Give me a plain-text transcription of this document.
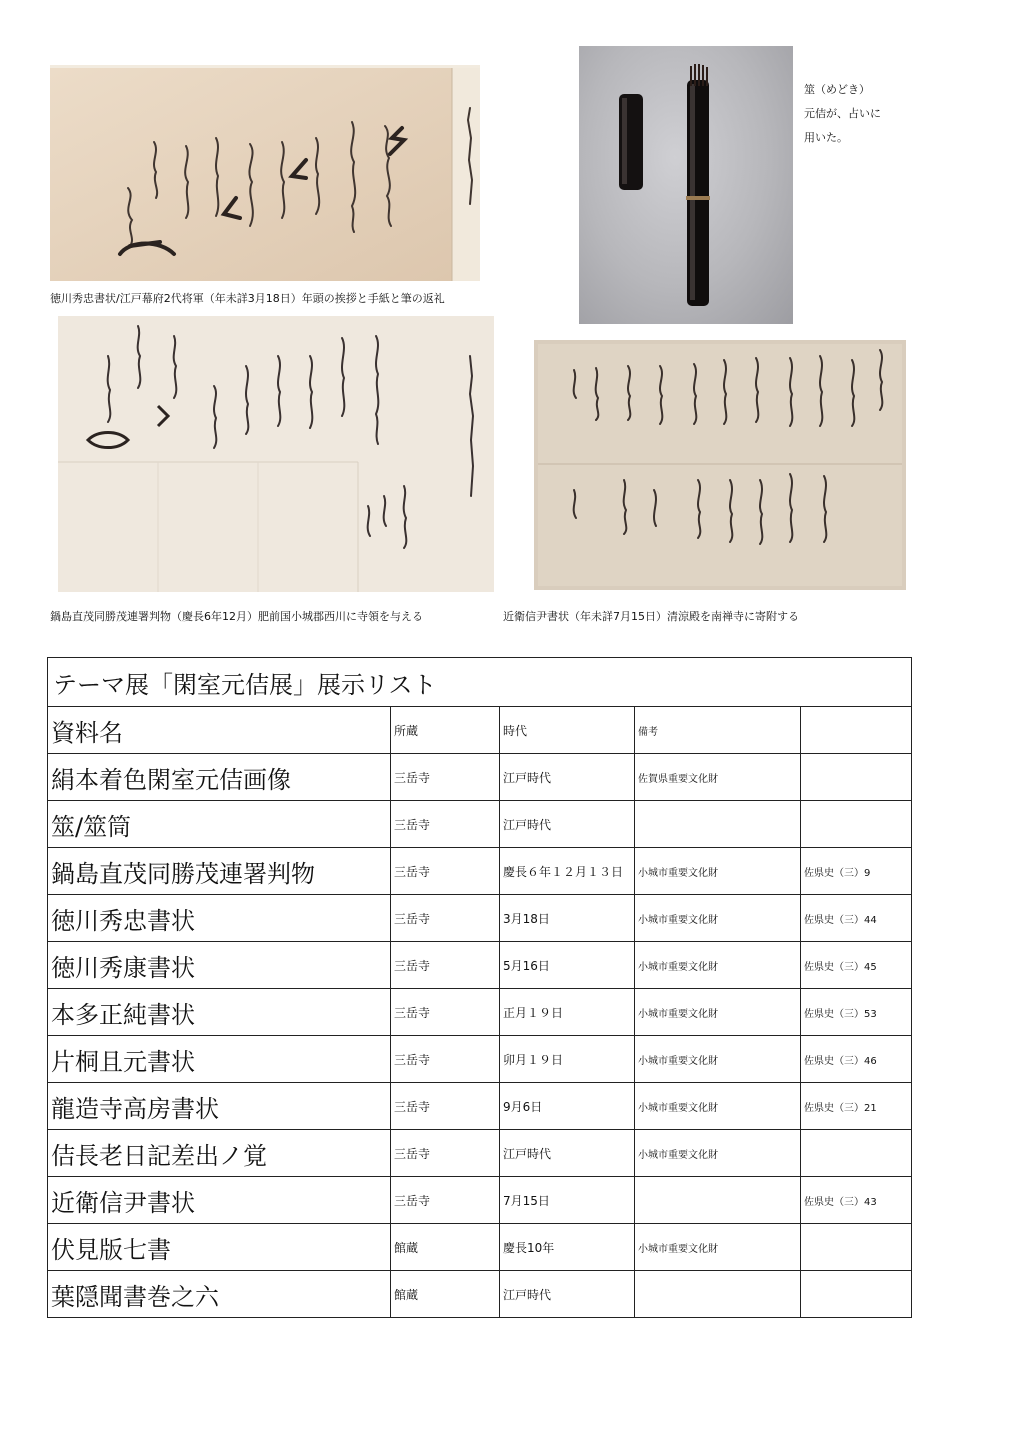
徳川秀忠書状/江戸幕府2代将軍（年未詳3月18日）年頭の挨拶と手紙と筆の返礼
筮（めどき）
元佶が、占いに
用いた。
鍋島直茂同勝茂連署判物（慶長6年12月）肥前国小城郡西川に寺領を与える	近衛信尹書状（年未詳7月15日）清涼殿を南禅寺に寄附する
テーマ展「閑室元佶展」展示リスト				
資料名	所蔵	時代	備考	
絹本着色閑室元佶画像	三岳寺	江戸時代	佐賀県重要文化財	
筮/筮筒	三岳寺	江戸時代		
鍋島直茂同勝茂連署判物	三岳寺	慶長６年１２月１３日	小城市重要文化財	佐県史（三）9
徳川秀忠書状	三岳寺	3月18日	小城市重要文化財	佐県史（三）44
徳川秀康書状	三岳寺	5月16日	小城市重要文化財	佐県史（三）45
本多正純書状	三岳寺	正月１９日	小城市重要文化財	佐県史（三）53
片桐且元書状	三岳寺	卯月１９日	小城市重要文化財	佐県史（三）46
龍造寺高房書状	三岳寺	9月6日	小城市重要文化財	佐県史（三）21
佶長老日記差出ノ覚	三岳寺	江戸時代	小城市重要文化財	
近衛信尹書状	三岳寺	7月15日		佐県史（三）43
伏見版七書	館蔵	慶長10年	小城市重要文化財	
葉隠聞書巻之六	館蔵	江戸時代		
